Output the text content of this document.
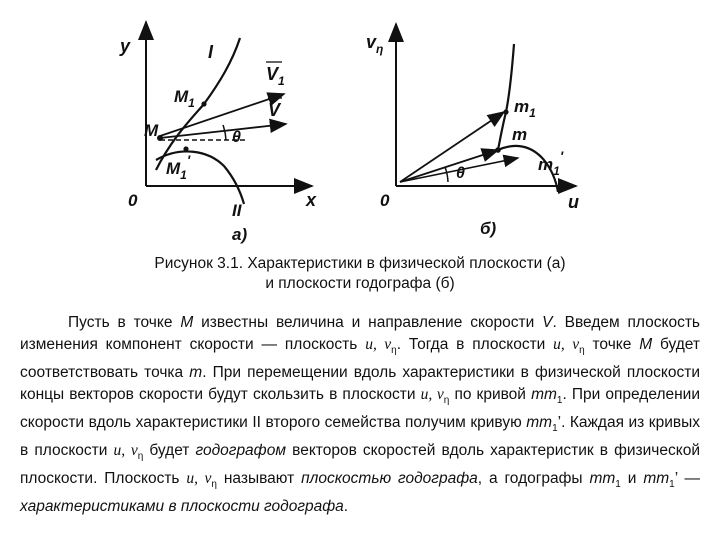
y
x
0
I
II
M
$M_1$
$M_1'$
$V_1$
V
θ
a)
$v_\eta$
u
0
$m_1$
m
$m_1'$
θ
б)
Рисунок 3.1. Характеристики в физической плоскости (а)
и плоскости годографа (б)

Пусть в точке M известны величина и направление скорости V. Введем плоскость изменения компонент скорости — плоскость u, $v_\eta$. Тогда в плоскости u, $v_\eta$ точке M будет соответствовать точка m. При перемещении вдоль характеристики в физической плоскости концы векторов скорости будут скользить в плоскости u, $v_\eta$ по кривой $mm_1$. При определении скорости вдоль характеристики II второго семейства получим кривую $mm_1$’. Каждая из кривых в плоскости u, $v_\eta$ будет годографом векторов скоростей вдоль характеристик в физической плоскости. Плоскость u, $v_\eta$ называют плоскостью годографа, а годографы $mm_1$ и $mm_1$’ — характеристиками в плоскости годографа.
